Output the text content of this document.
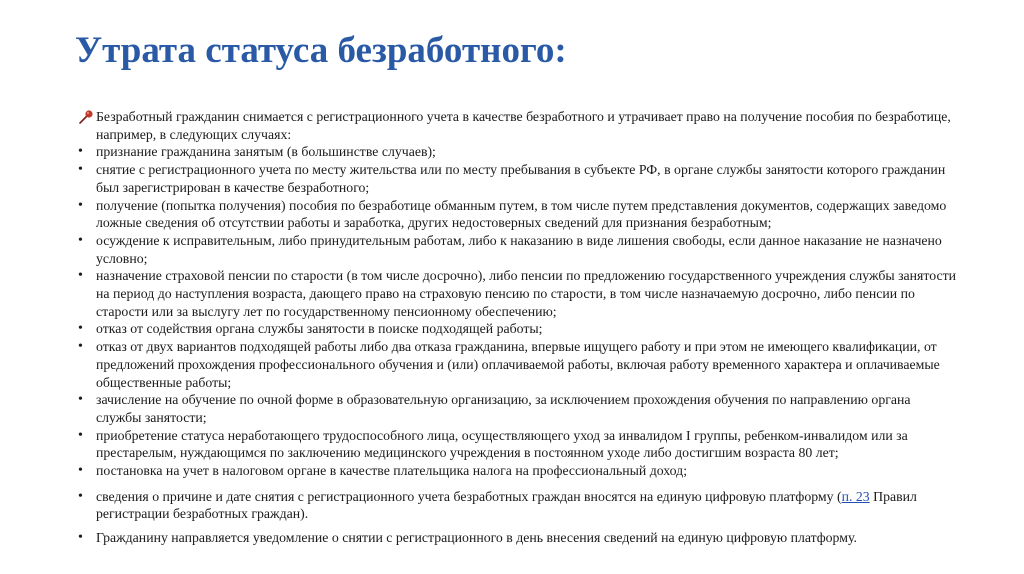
Утрата статуса безработного:

Безработный гражданин снимается с регистрационного учета в качестве безработного и утрачивает право на получение пособия по безработице, например, в следующих случаях:

• признание гражданина занятым (в большинстве случаев);
• снятие с регистрационного учета по месту жительства или по месту пребывания в субъекте РФ, в органе службы занятости которого гражданин был зарегистрирован в качестве безработного;
• получение (попытка получения) пособия по безработице обманным путем, в том числе путем представления документов, содержащих заведомо ложные сведения об отсутствии работы и заработка, других недостоверных сведений для признания безработным;
• осуждение к исправительным, либо принудительным работам, либо к наказанию в виде лишения свободы, если данное наказание не назначено условно;
• назначение страховой пенсии по старости (в том числе досрочно), либо пенсии по предложению государственного учреждения службы занятости на период до наступления возраста, дающего право на страховую пенсию по старости, в том числе назначаемую досрочно, либо пенсии по старости или за выслугу лет по государственному пенсионному обеспечению;
• отказ от содействия органа службы занятости в поиске подходящей работы;
• отказ от двух вариантов подходящей работы либо два отказа гражданина, впервые ищущего работу и при этом не имеющего квалификации, от предложений прохождения профессионального обучения и (или) оплачиваемой работы, включая работу временного характера и оплачиваемые общественные работы;
• зачисление на обучение по очной форме в образовательную организацию, за исключением прохождения обучения по направлению органа службы занятости;
• приобретение статуса неработающего трудоспособного лица, осуществляющего уход за инвалидом I группы, ребенком-инвалидом или за престарелым, нуждающимся по заключению медицинского учреждения в постоянном уходе либо достигшим возраста 80 лет;
• постановка на учет в налоговом органе в качестве плательщика налога на профессиональный доход;
• сведения о причине и дате снятия с регистрационного учета безработных граждан вносятся на единую цифровую платформу (п. 23 Правил регистрации безработных граждан).
• Гражданину направляется уведомление о снятии с регистрационного в день внесения сведений на единую цифровую платформу.
